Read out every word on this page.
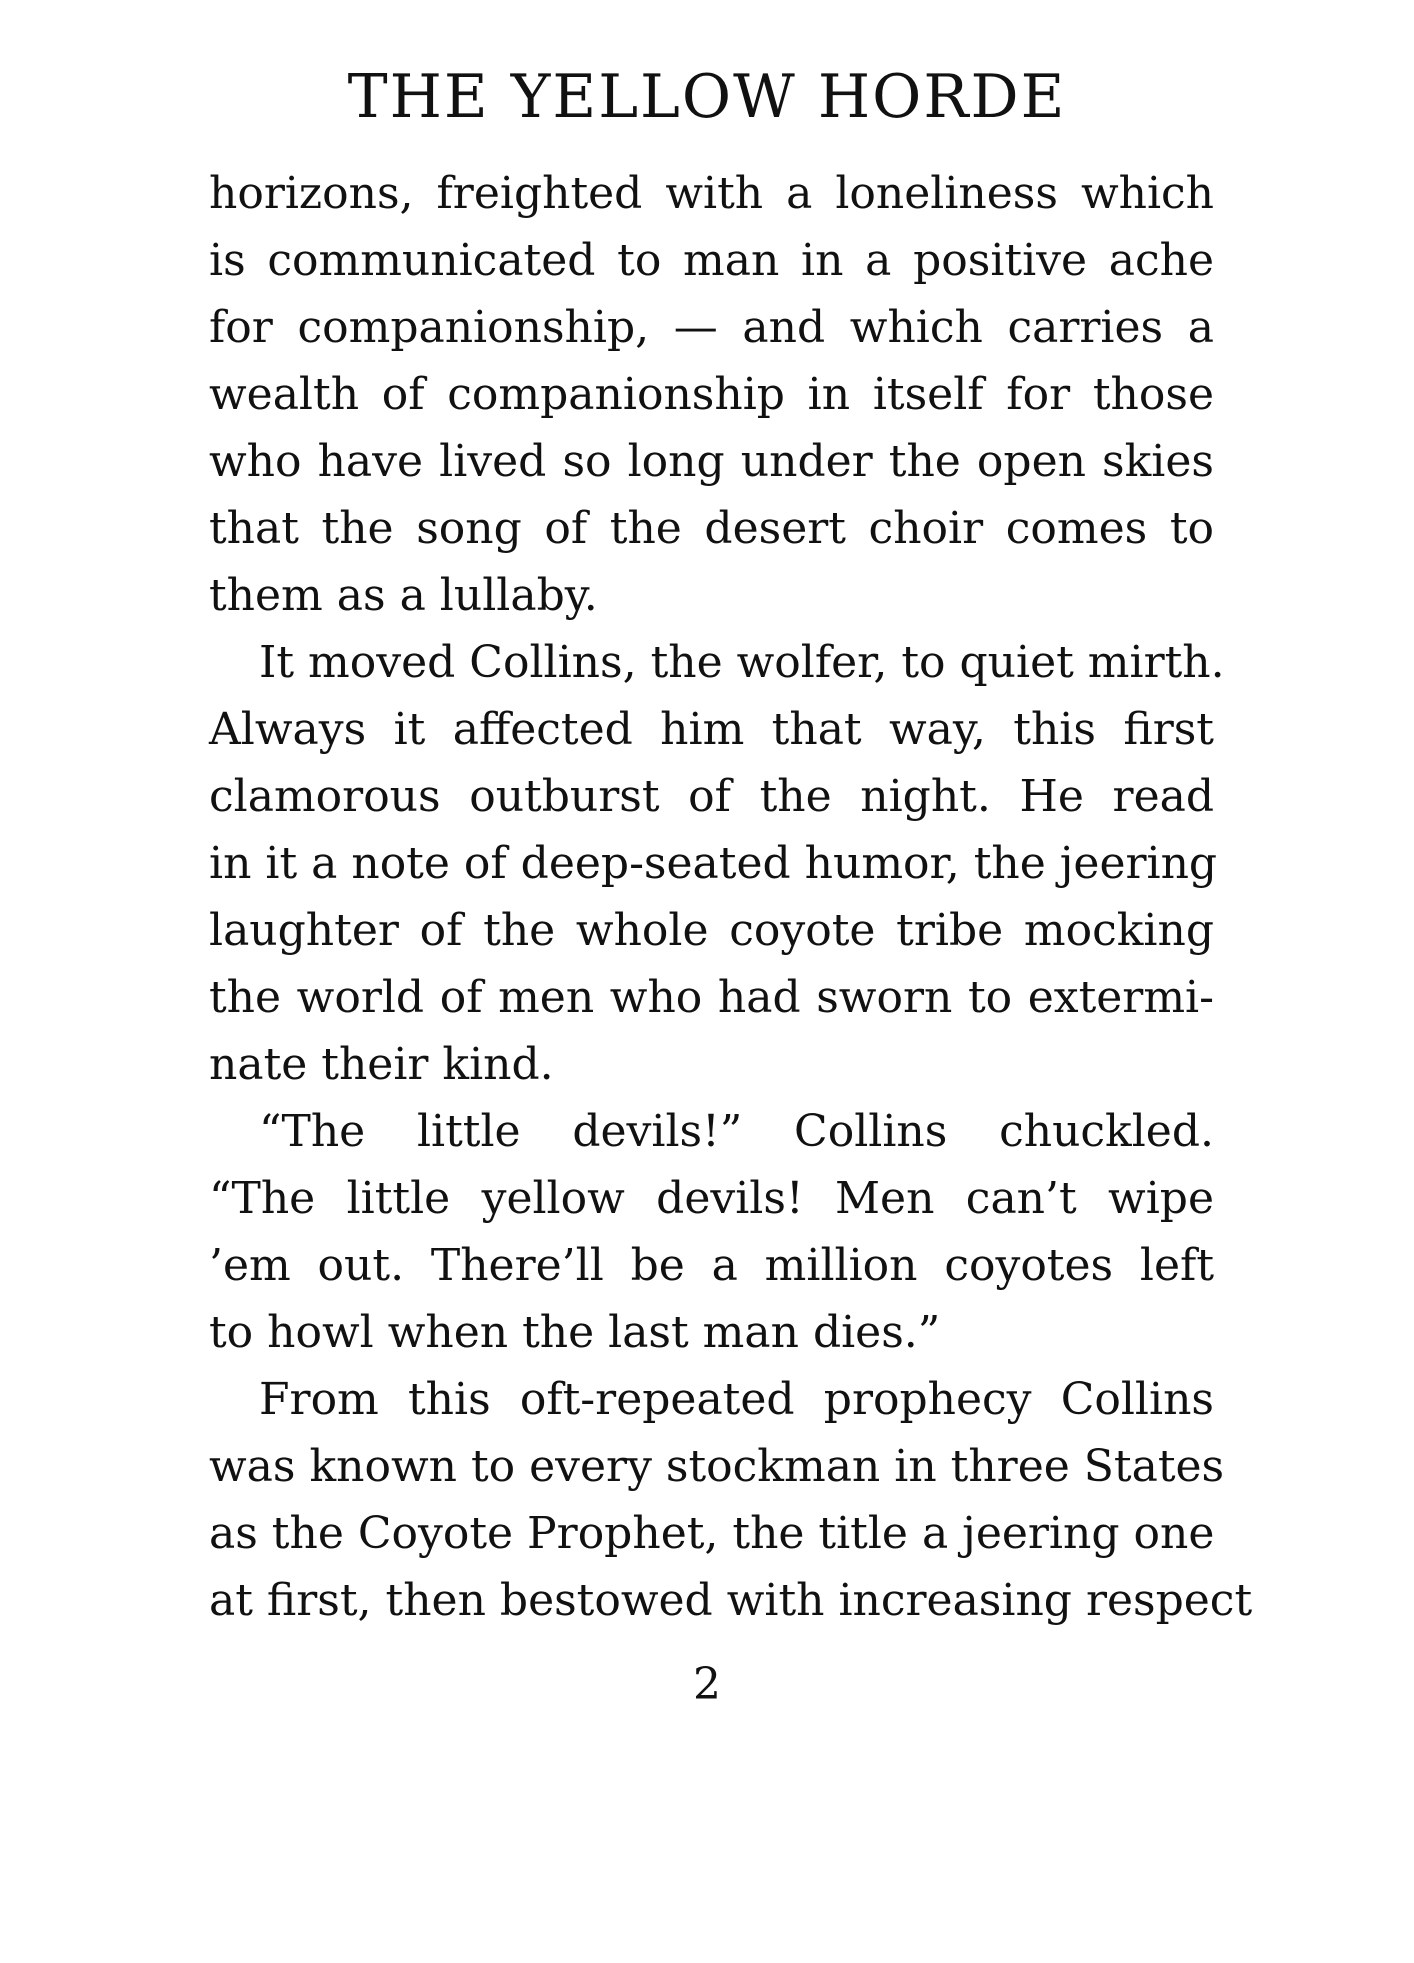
THE YELLOW HORDE

horizons, freighted with a loneliness which
is communicated to man in a positive ache
for companionship, — and which carries a
wealth of companionship in itself for those
who have lived so long under the open skies
that the song of the desert choir comes to
them as a lullaby.

It moved Collins, the wolfer, to quiet mirth.
Always it affected him that way, this first
clamorous outburst of the night. He read
in it a note of deep-seated humor, the jeering
laughter of the whole coyote tribe mocking
the world of men who had sworn to extermi-
nate their kind.

“The little devils!” Collins chuckled.
“The little yellow devils! Men can’t wipe
’em out. There’ll be a million coyotes left
to howl when the last man dies.”

From this oft-repeated prophecy Collins
was known to every stockman in three States
as the Coyote Prophet, the title a jeering one
at first, then bestowed with increasing respect

2
